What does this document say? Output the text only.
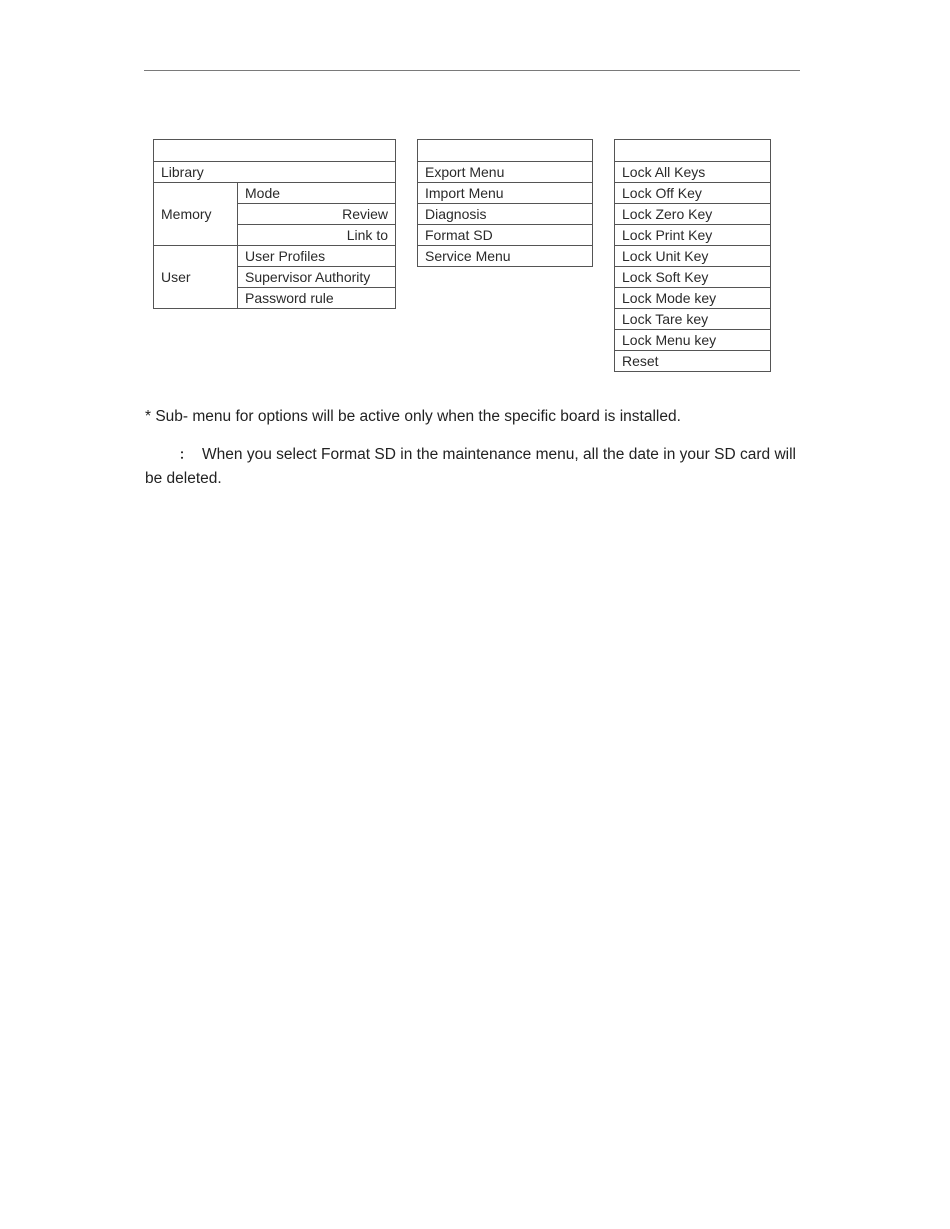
Library	
Memory	Mode
	Review
	Link to
User	User Profiles
	Supervisor Authority
	Password rule

Export Menu
Import Menu
Diagnosis
Format SD
Service Menu

Lock All Keys
Lock Off Key
Lock Zero Key
Lock Print Key
Lock Unit Key
Lock Soft Key
Lock Mode key
Lock Tare key
Lock Menu key
Reset

* Sub- menu for options will be active only when the specific board is installed.

： When you select Format SD in the maintenance menu, all the date in your SD card will be deleted.
